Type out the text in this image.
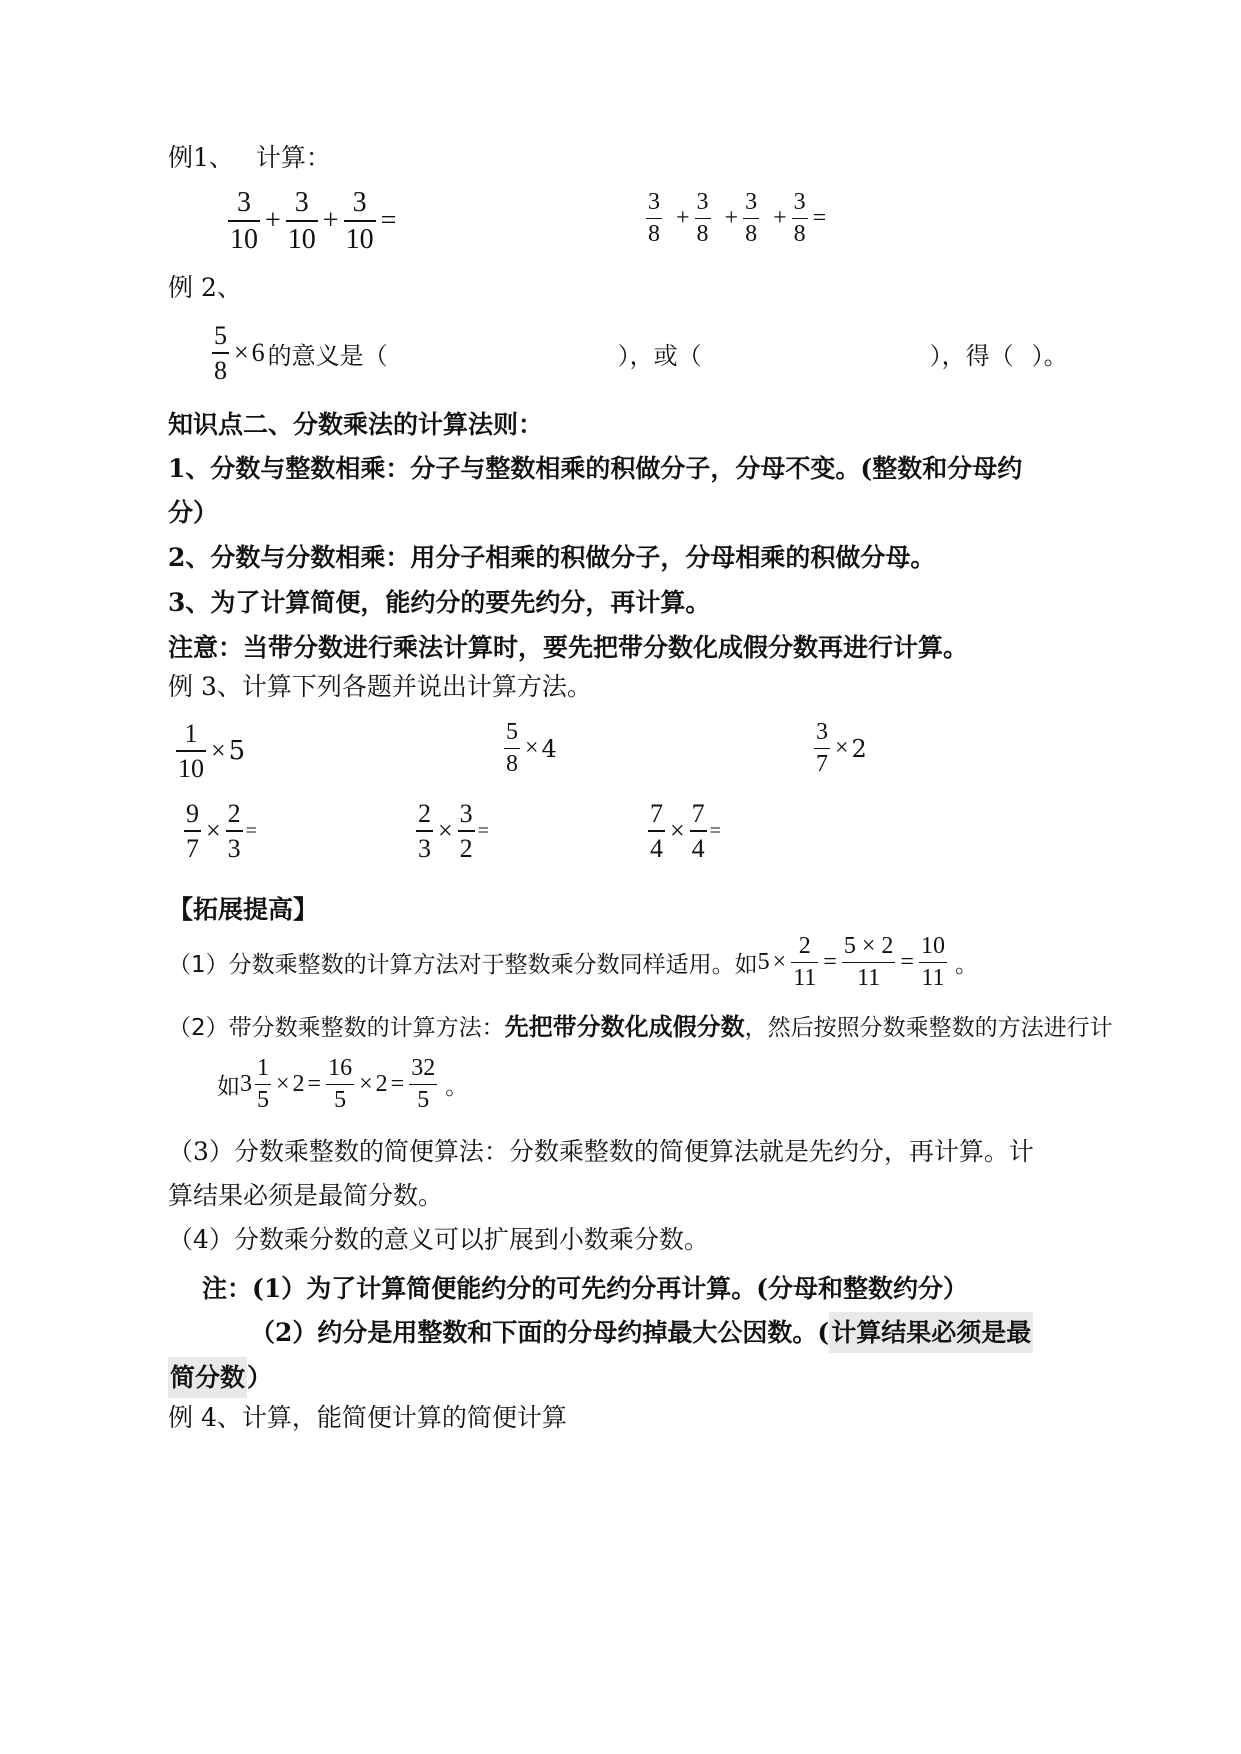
例1、 计算：
$\frac{3}{10} + \frac{3}{10} + \frac{3}{10}$ =	$\frac{3}{8} + \frac{3}{8} + \frac{3}{8} + \frac{3}{8}$ =
例 2、
$\frac{5}{8} \times 6$ 的意义是（	），或（	），得（ ）。
知识点二、分数乘法的计算法则：
1、分数与整数相乘：分子与整数相乘的积做分子，分母不变。(整数和分母约
分）
2、分数与分数相乘：用分子相乘的积做分子，分母相乘的积做分母。
3、为了计算简便，能约分的要先约分，再计算。
注意：当带分数进行乘法计算时，要先把带分数化成假分数再进行计算。
例 3、计算下列各题并说出计算方法。
$\frac{1}{10} \times 5$	$\frac{5}{8} \times 4$	$\frac{3}{7} \times 2$
$\frac{9}{7} \times \frac{2}{3}$ =	$\frac{2}{3} \times \frac{3}{2}$ =	$\frac{7}{4} \times \frac{7}{4}$ =
【拓展提高】
（1）分数乘整数的计算方法对于整数乘分数同样适用。如 $5 \times \frac{2}{11} = \frac{5 \times 2}{11} = \frac{10}{11}$ 。
（2）带分数乘整数的计算方法：先把带分数化成假分数，然后按照分数乘整数的方法进行计
如 $3 \frac{1}{5} \times 2 = \frac{16}{5} \times 2 = \frac{32}{5}$ 。
（3）分数乘整数的简便算法：分数乘整数的简便算法就是先约分，再计算。计
算结果必须是最简分数。
（4）分数乘分数的意义可以扩展到小数乘分数。
注：(1）为了计算简便能约分的可先约分再计算。(分母和整数约分）
（2）约分是用整数和下面的分母约掉最大公因数。(计算结果必须是最
简分数）
例 4、计算，能简便计算的简便计算
